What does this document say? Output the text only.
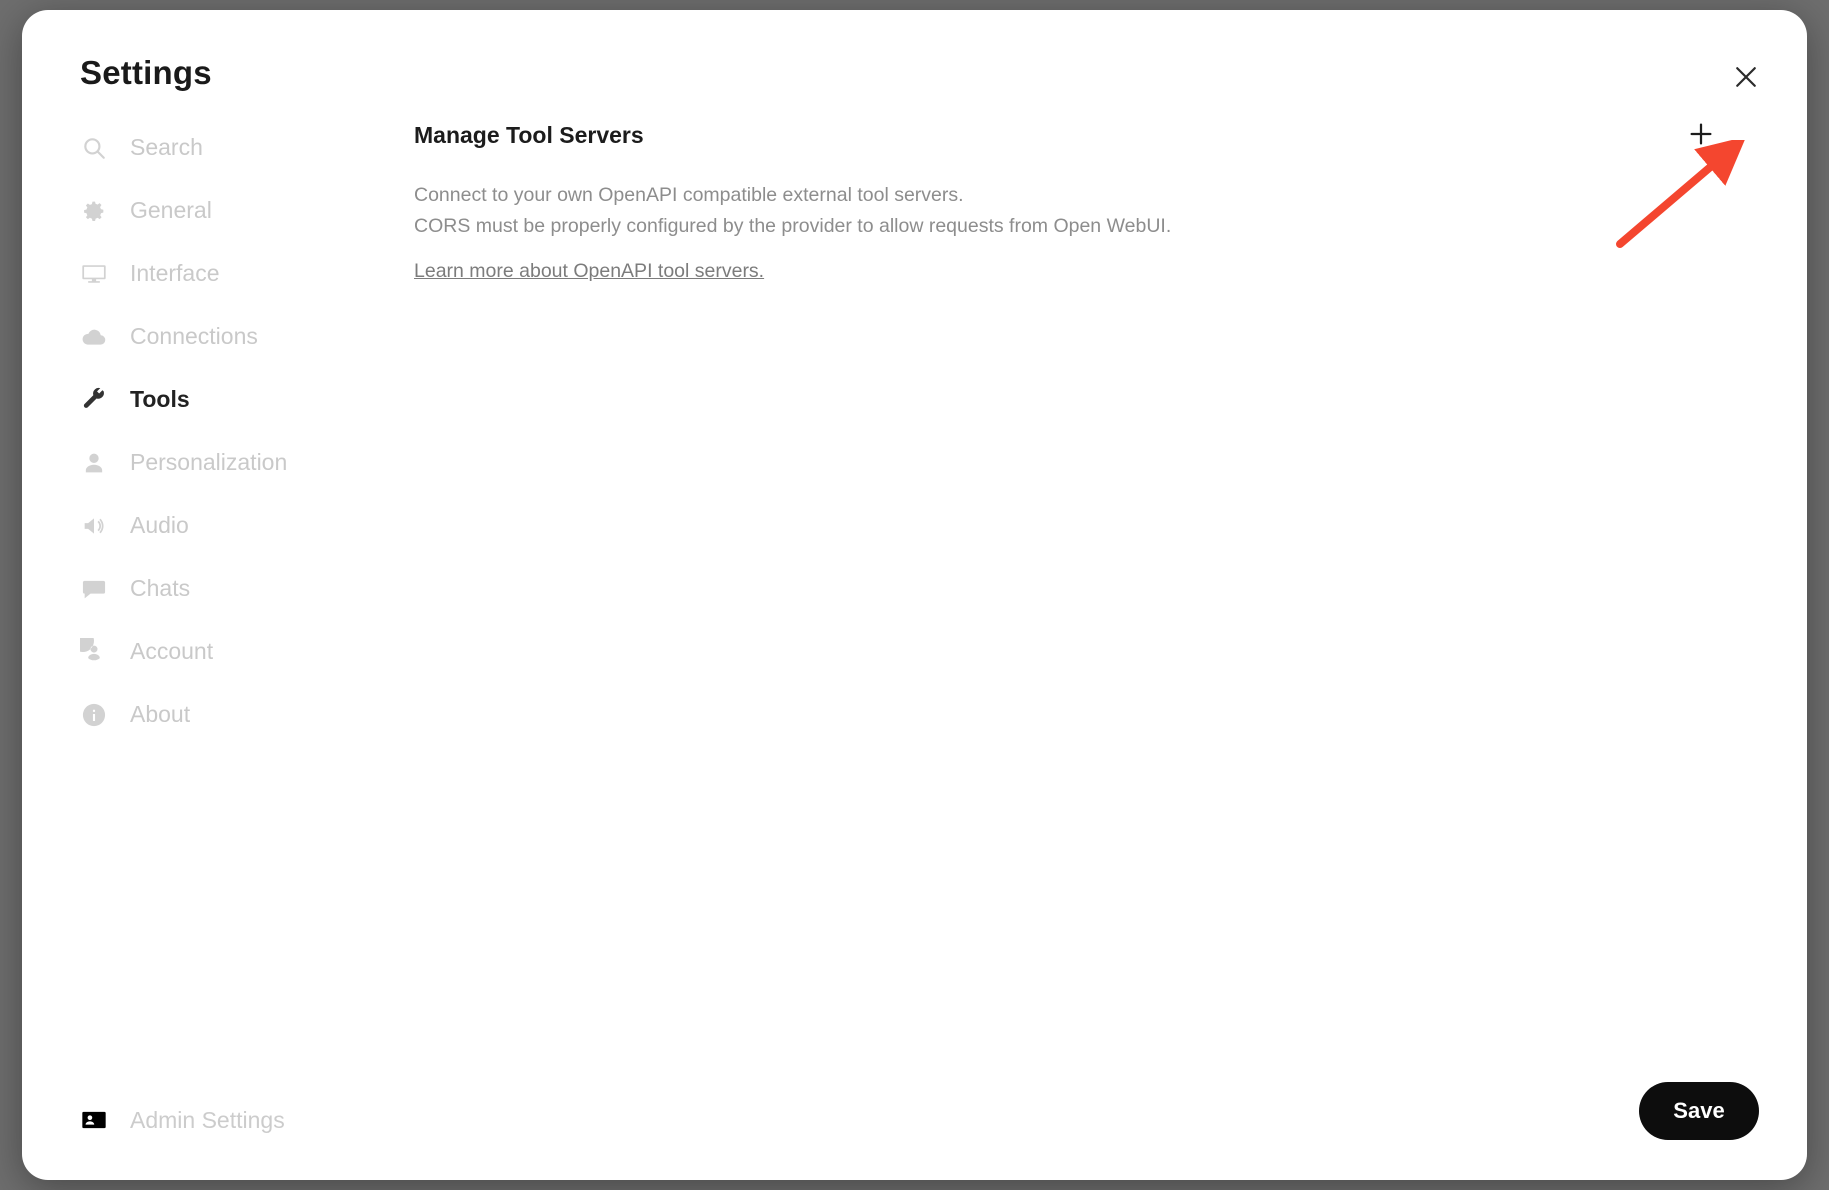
Settings
Search
General
Interface
Connections
Tools
Personalization
Audio
Chats
Account
About
Admin Settings
Manage Tool Servers
Connect to your own OpenAPI compatible external tool servers.
CORS must be properly configured by the provider to allow requests from Open WebUI.
Learn more about OpenAPI tool servers.
Save
